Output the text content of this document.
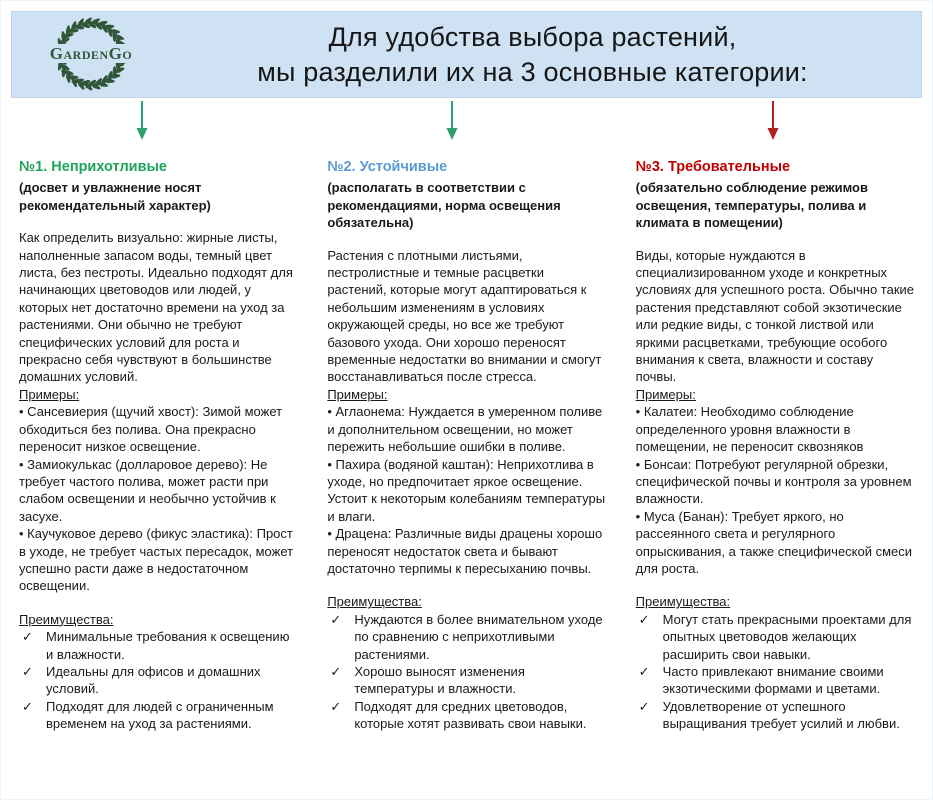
GardenGo
Для удобства выбора растений,
мы разделили их на 3 основные категории:
№1. Неприхотливые
(досвет и увлажнение носят рекомендательный характер)
Как определить визуально: жирные листы, наполненные запасом воды, темный цвет листа, без пестроты. Идеально подходят для начинающих цветоводов или людей, у которых нет достаточно времени на уход за растениями. Они обычно не требуют специфических условий для роста и прекрасно себя чувствуют в большинстве домашних условий.
Примеры:
• Сансевиерия (щучий хвост): Зимой может обходиться без полива. Она прекрасно переносит низкое освещение.
• Замиокулькас (долларовое дерево): Не требует частого полива, может расти при слабом освещении и необычно устойчив к засухе.
• Каучуковое дерево (фикус эластика): Прост в уходе, не требует частых пересадок, может успешно расти даже в недостаточном освещении.
Преимущества:
✓ Минимальные требования к освещению и влажности.
✓ Идеальны для офисов и домашних условий.
✓ Подходят для людей с ограниченным временем на уход за растениями.
№2. Устойчивые
(располагать в соответствии с рекомендациями, норма освещения обязательна)
Растения с плотными листьями, пестролистные и темные расцветки растений, которые могут адаптироваться к небольшим изменениям в условиях окружающей среды, но все же требуют базового ухода. Они хорошо переносят временные недостатки во внимании и смогут восстанавливаться после стресса.
Примеры:
• Аглаонема: Нуждается в умеренном поливе и дополнительном освещении, но может пережить небольшие ошибки в поливе.
• Пахира (водяной каштан): Неприхотлива в уходе, но предпочитает яркое освещение. Устоит к некоторым колебаниям температуры и влаги.
• Драцена: Различные виды драцены хорошо переносят недостаток света и бывают достаточно терпимы к пересыханию почвы.
Преимущества:
✓ Нуждаются в более внимательном уходе по сравнению с неприхотливыми растениями.
✓ Хорошо выносят изменения температуры и влажности.
✓ Подходят для средних цветоводов, которые хотят развивать свои навыки.
№3. Требовательные
(обязательно соблюдение режимов освещения, температуры, полива и климата в помещении)
Виды, которые нуждаются в специализированном уходе и конкретных условиях для успешного роста. Обычно такие растения представляют собой экзотические или редкие виды, с тонкой листвой или яркими расцветками, требующие особого внимания к света, влажности и составу почвы.
Примеры:
• Калатеи: Необходимо соблюдение определенного уровня влажности в помещении, не переносит сквозняков
• Бонсаи: Потребуют регулярной обрезки, специфической почвы и контроля за уровнем влажности.
• Муса (Банан): Требует яркого, но рассеянного света и регулярного опрыскивания, а также специфической смеси для роста.
Преимущества:
✓ Могут стать прекрасными проектами для опытных цветоводов желающих расширить свои навыки.
✓ Часто привлекают внимание своими экзотическими формами и цветами.
✓ Удовлетворение от успешного выращивания требует усилий и любви.
